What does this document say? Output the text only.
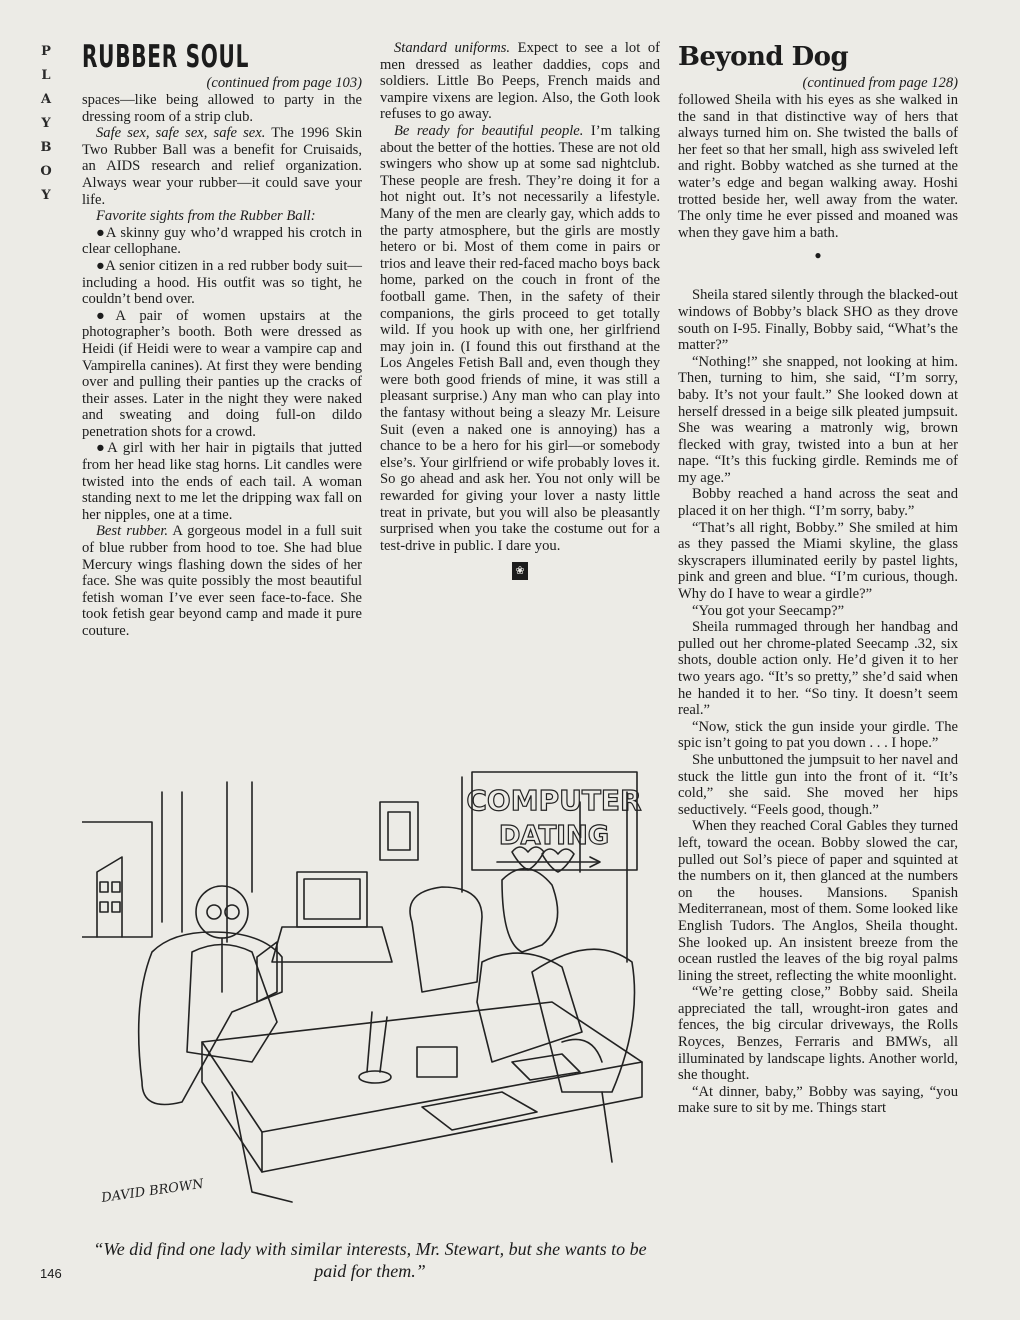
P
L
A
Y
B
O
Y
RUBBER SOUL
(continued from page 103)

spaces—like being allowed to party in the dressing room of a strip club.

Safe sex, safe sex, safe sex. The 1996 Skin Two Rubber Ball was a benefit for Cruisaids, an AIDS research and relief organization. Always wear your rubber—it could save your life.

Favorite sights from the Rubber Ball:

●A skinny guy who’d wrapped his crotch in clear cellophane.

●A senior citizen in a red rubber body suit—including a hood. His outfit was so tight, he couldn’t bend over.

●A pair of women upstairs at the photographer’s booth. Both were dressed as Heidi (if Heidi were to wear a vampire cap and Vampirella canines). At first they were bending over and pulling their panties up the cracks of their asses. Later in the night they were naked and sweating and doing full-on dildo penetration shots for a crowd.

●A girl with her hair in pigtails that jutted from her head like stag horns. Lit candles were twisted into the ends of each tail. A woman standing next to me let the dripping wax fall on her nipples, one at a time.

Best rubber. A gorgeous model in a full suit of blue rubber from hood to toe. She had blue Mercury wings flashing down the sides of her face. She was quite possibly the most beautiful fetish woman I’ve ever seen face-to-face. She took fetish gear beyond camp and made it pure couture.

Standard uniforms. Expect to see a lot of men dressed as leather daddies, cops and soldiers. Little Bo Peeps, French maids and vampire vixens are legion. Also, the Goth look refuses to go away.

Be ready for beautiful people. I’m talking about the better of the hotties. These are not old swingers who show up at some sad nightclub. These people are fresh. They’re doing it for a hot night out. It’s not necessarily a lifestyle. Many of the men are clearly gay, which adds to the party atmosphere, but the girls are mostly hetero or bi. Most of them come in pairs or trios and leave their red-faced macho boys back home, parked on the couch in front of the football game. Then, in the safety of their companions, the girls proceed to get totally wild. If you hook up with one, her girlfriend may join in. (I found this out firsthand at the Los Angeles Fetish Ball and, even though they were both good friends of mine, it was still a pleasant surprise.) Any man who can play into the fantasy without being a sleazy Mr. Leisure Suit (even a naked one is annoying) has a chance to be a hero for his girl—or somebody else’s. Your girlfriend or wife probably loves it. So go ahead and ask her. You not only will be rewarded for giving your lover a nasty little treat in private, but you will also be pleasantly surprised when you take the costume out for a test-drive in public. I dare you.

❀
Beyond Dog
(continued from page 128)

followed Sheila with his eyes as she walked in the sand in that distinctive way of hers that always turned him on. She twisted the balls of her feet so that her small, high ass swiveled left and right. Bobby watched as she turned at the water’s edge and began walking away. Hoshi trotted beside her, well away from the water. The only time he ever pissed and moaned was when they gave him a bath.

●

Sheila stared silently through the blacked-out windows of Bobby’s black SHO as they drove south on I-95. Finally, Bobby said, “What’s the matter?”

“Nothing!” she snapped, not looking at him. Then, turning to him, she said, “I’m sorry, baby. It’s not your fault.” She looked down at herself dressed in a beige silk pleated jumpsuit. She was wearing a matronly wig, brown flecked with gray, twisted into a bun at her nape. “It’s this fucking girdle. Reminds me of my age.”

Bobby reached a hand across the seat and placed it on her thigh. “I’m sorry, baby.”

“That’s all right, Bobby.” She smiled at him as they passed the Miami skyline, the glass skyscrapers illuminated eerily by pastel lights, pink and green and blue. “I’m curious, though. Why do I have to wear a girdle?”

“You got your Seecamp?”

Sheila rummaged through her handbag and pulled out her chrome-plated Seecamp .32, six shots, double action only. He’d given it to her two years ago. “It’s so pretty,” she’d said when he handed it to her. “So tiny. It doesn’t seem real.”

“Now, stick the gun inside your girdle. The spic isn’t going to pat you down . . . I hope.”

She unbuttoned the jumpsuit to her navel and stuck the little gun into the front of it. “It’s cold,” she said. She moved her hips seductively. “Feels good, though.”

When they reached Coral Gables they turned left, toward the ocean. Bobby slowed the car, pulled out Sol’s piece of paper and squinted at the numbers on it, then glanced at the numbers on the houses. Mansions. Spanish Mediterranean, most of them. Some looked like English Tudors. The Anglos, Sheila thought. She looked up. An insistent breeze from the ocean rustled the leaves of the big royal palms lining the street, reflecting the white moonlight.

“We’re getting close,” Bobby said. Sheila appreciated the tall, wrought-iron gates and fences, the big circular driveways, the Rolls Royces, Benzes, Ferraris and BMWs, all illuminated by landscape lights. Another world, she thought.

“At dinner, baby,” Bobby was saying, “you make sure to sit by me. Things start

COMPUTER
DATING
DAVID BROWN
“We did find one lady with similar interests, Mr. Stewart, but she wants to be paid for them.”
146
